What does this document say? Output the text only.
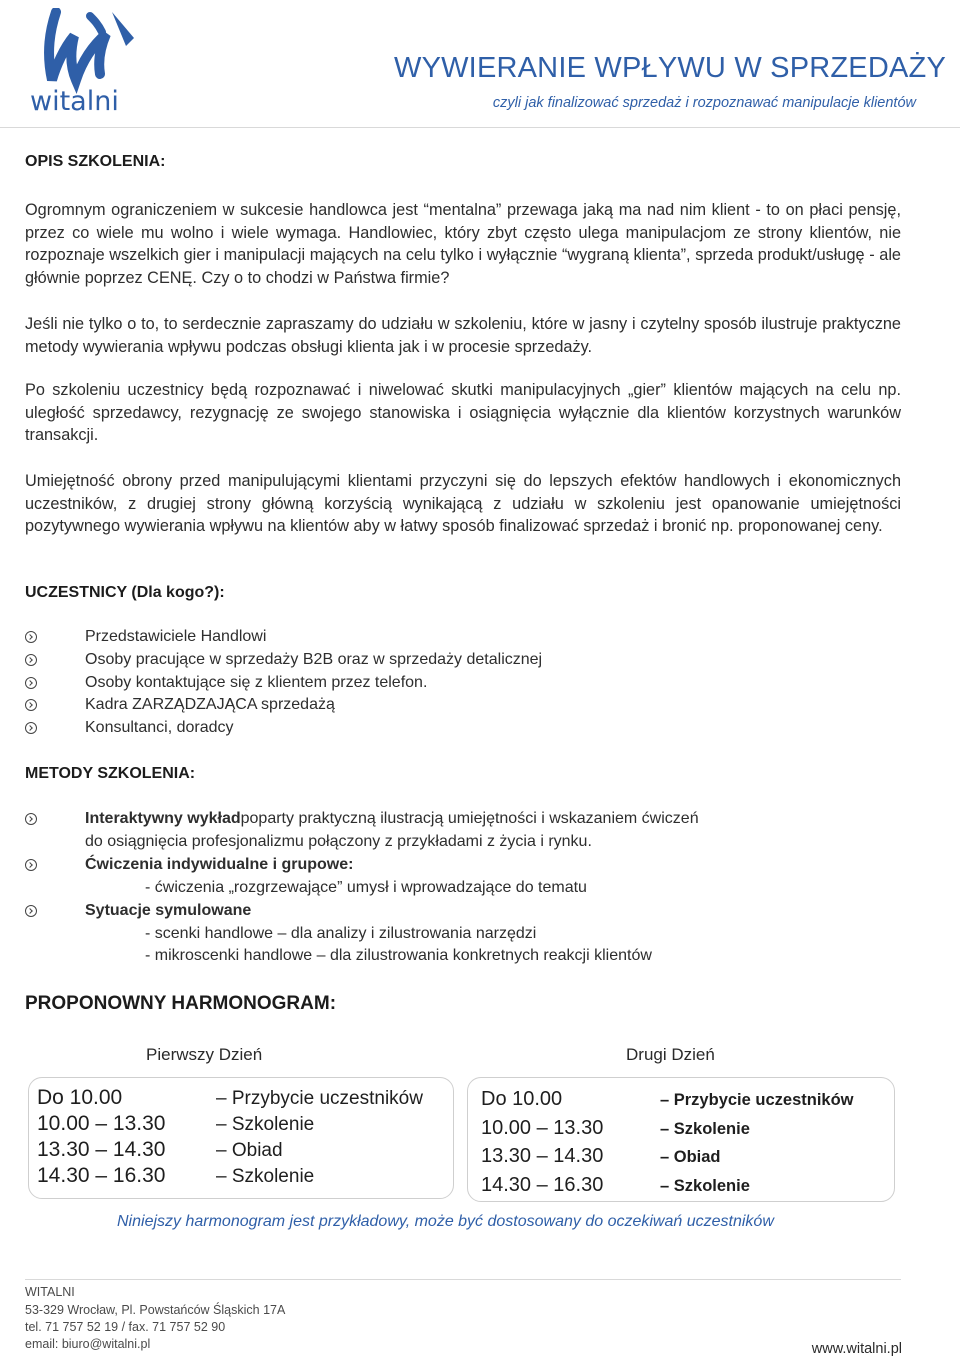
witalni
WYWIERANIE WPŁYWU W SPRZEDAŻY
czyli jak finalizować sprzedaż i rozpoznawać manipulacje klientów
OPIS SZKOLENIA:
Ogromnym ograniczeniem w sukcesie handlowca jest “mentalna” przewaga jaką ma nad nim klient - to on płaci pensję, przez co wiele mu wolno i wiele wymaga. Handlowiec, który zbyt często ulega manipulacjom ze strony klientów, nie rozpoznaje wszelkich gier i manipulacji mających na celu tylko i wyłącznie “wygraną klienta”, sprzeda produkt/usługę - ale głównie poprzez CENĘ. Czy o to chodzi w Państwa firmie?
Jeśli nie tylko o to, to serdecznie zapraszamy do udziału w szkoleniu, które w jasny i czytelny sposób ilustruje praktyczne metody wywierania wpływu podczas obsługi klienta jak i w procesie sprzedaży.
Po szkoleniu uczestnicy będą rozpoznawać i niwelować skutki manipulacyjnych „gier” klientów mających na celu np. uległość sprzedawcy, rezygnację ze swojego stanowiska i osiągnięcia wyłącznie dla klientów korzystnych warunków transakcji.
Umiejętność obrony przed manipulującymi klientami przyczyni się do lepszych efektów handlowych i ekonomicznych uczestników, z drugiej strony główną korzyścią wynikającą z udziału w szkoleniu jest opanowanie umiejętności pozytywnego wywierania wpływu na klientów aby w łatwy sposób finalizować sprzedaż i bronić np. proponowanej ceny.
UCZESTNICY (Dla kogo?):
Przedstawiciele Handlowi
Osoby pracujące w sprzedaży B2B oraz w sprzedaży detalicznej
Osoby kontaktujące się z klientem przez telefon.
Kadra ZARZĄDZAJĄCA sprzedażą
Konsultanci, doradcy
METODY SZKOLENIA:
Interaktywny wykład poparty praktyczną ilustracją umiejętności i wskazaniem ćwiczeń
do osiągnięcia profesjonalizmu połączony z przykładami z życia i rynku.
Ćwiczenia indywidualne i grupowe:
- ćwiczenia „rozgrzewające” umysł i wprowadzające do tematu
Sytuacje symulowane
- scenki handlowe – dla analizy i zilustrowania narzędzi
- mikroscenki handlowe – dla zilustrowania konkretnych reakcji klientów
PROPONOWNY HARMONOGRAM:
Pierwszy Dzień	Drugi Dzień
Do 10.00	– Przybycie uczestników
10.00 – 13.30	– Szkolenie
13.30 – 14.30	– Obiad
14.30 – 16.30	– Szkolenie
Do 10.00	– Przybycie uczestników
10.00 – 13.30	– Szkolenie
13.30 – 14.30	– Obiad
14.30 – 16.30	– Szkolenie
Niniejszy harmonogram jest przykładowy, może być dostosowany do oczekiwań uczestników
WITALNI
53-329 Wrocław, Pl. Powstańców Śląskich 17A
tel. 71 757 52 19 / fax. 71 757 52 90
email: biuro@witalni.pl	www.witalni.pl
